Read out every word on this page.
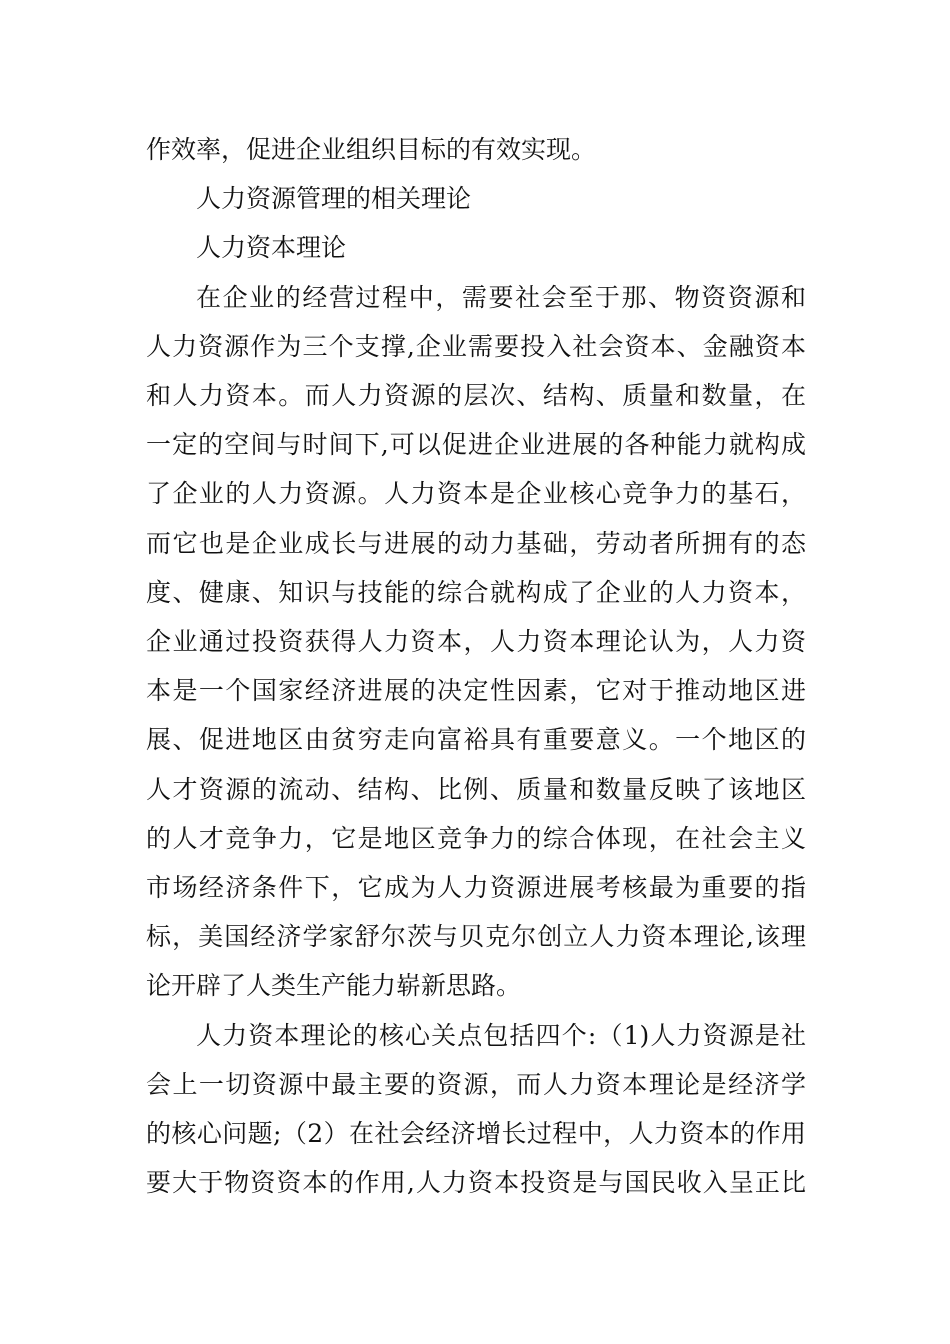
作效率，促进企业组织目标的有效实现。
人力资源管理的相关理论
人力资本理论
在企业的经营过程中，需要社会至于那、物资资源和
人力资源作为三个支撑,企业需要投入社会资本、金融资本
和人力资本。而人力资源的层次、结构、质量和数量，在
一定的空间与时间下,可以促进企业进展的各种能力就构成
了企业的人力资源。人力资本是企业核心竞争力的基石，
而它也是企业成长与进展的动力基础，劳动者所拥有的态
度、健康、知识与技能的综合就构成了企业的人力资本，
企业通过投资获得人力资本，人力资本理论认为，人力资
本是一个国家经济进展的决定性因素，它对于推动地区进
展、促进地区由贫穷走向富裕具有重要意义。一个地区的
人才资源的流动、结构、比例、质量和数量反映了该地区
的人才竞争力，它是地区竞争力的综合体现，在社会主义
市场经济条件下，它成为人力资源进展考核最为重要的指
标，美国经济学家舒尔茨与贝克尔创立人力资本理论,该理
论开辟了人类生产能力崭新思路。
人力资本理论的核心关点包括四个:（1)人力资源是社
会上一切资源中最主要的资源，而人力资本理论是经济学
的核心问题;（2）在社会经济增长过程中，人力资本的作用
要大于物资资本的作用,人力资本投资是与国民收入呈正比
